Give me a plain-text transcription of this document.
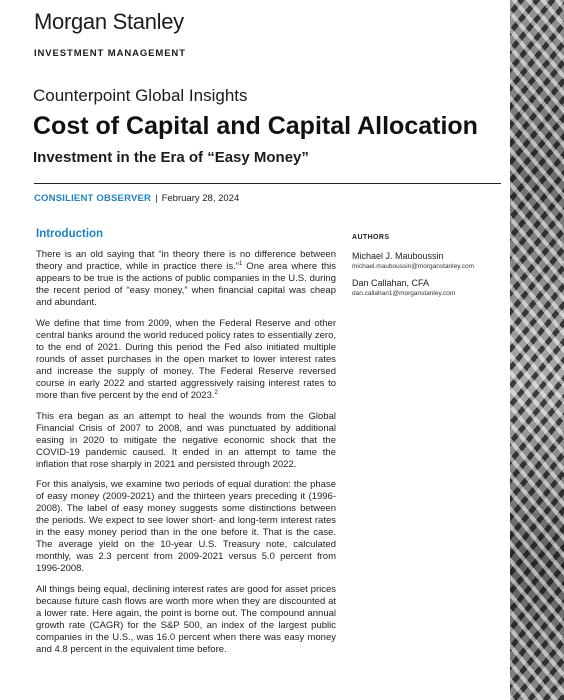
Morgan Stanley
INVESTMENT MANAGEMENT
Counterpoint Global Insights
Cost of Capital and Capital Allocation
Investment in the Era of “Easy Money”
CONSILIENT OBSERVER | February 28, 2024
Introduction

There is an old saying that “in theory there is no difference between theory and practice, while in practice there is.”$^1$ One area where this appears to be true is the actions of public companies in the U.S. during the recent period of “easy money,” when financial capital was cheap and abundant.

We define that time from 2009, when the Federal Reserve and other central banks around the world reduced policy rates to essentially zero, to the end of 2021. During this period the Fed also initiated multiple rounds of asset purchases in the open market to lower interest rates and increase the supply of money. The Federal Reserve reversed course in early 2022 and started aggressively raising interest rates to more than five percent by the end of 2023.$^2$

This era began as an attempt to heal the wounds from the Global Financial Crisis of 2007 to 2008, and was punctuated by additional easing in 2020 to mitigate the negative economic shock that the COVID-19 pandemic caused. It ended in an attempt to tame the inflation that rose sharply in 2021 and persisted through 2022.

For this analysis, we examine two periods of equal duration: the phase of easy money (2009-2021) and the thirteen years preceding it (1996-2008). The label of easy money suggests some distinctions between the periods. We expect to see lower short- and long-term interest rates in the easy money period than in the one before it. That is the case. The average yield on the 10-year U.S. Treasury note, calculated monthly, was 2.3 percent from 2009-2021 versus 5.0 percent from 1996-2008.

All things being equal, declining interest rates are good for asset prices because future cash flows are worth more when they are discounted at a lower rate. Here again, the point is borne out. The compound annual growth rate (CAGR) for the S&P 500, an index of the largest public companies in the U.S., was 16.0 percent when there was easy money and 4.8 percent in the equivalent time before.

AUTHORS
Michael J. Mauboussin
michael.mauboussin@morganstanley.com
Dan Callahan, CFA
dan.callahan1@morganstanley.com
